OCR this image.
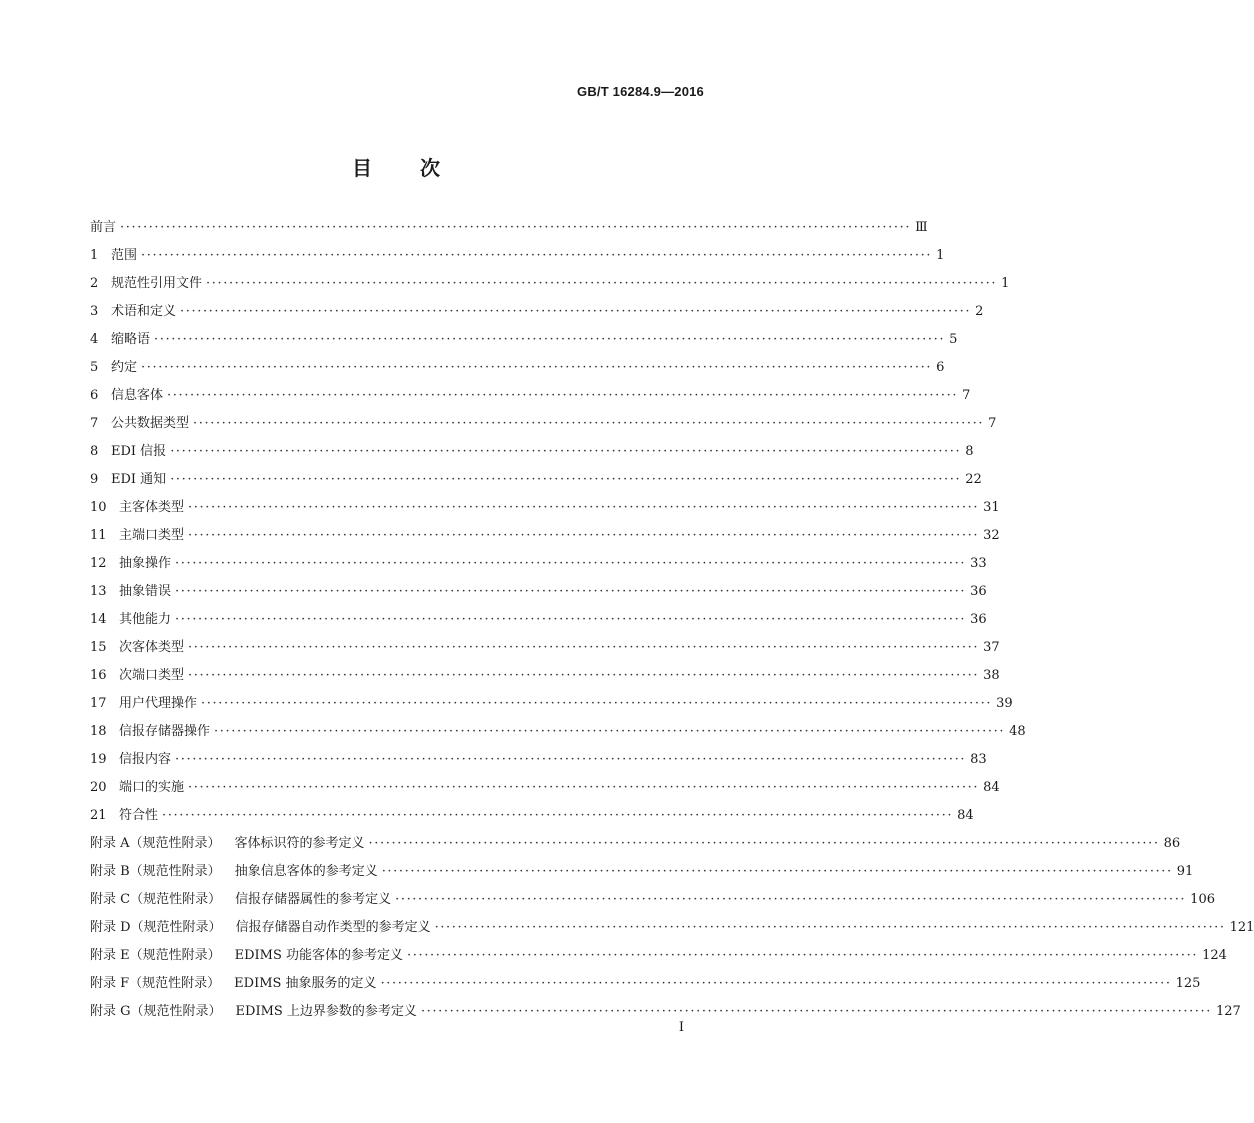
GB/T 16284.9—2016
目 次
前言 ·········································································································································· Ⅲ
1 范围 ·········································································································································· 1
2 规范性引用文件 ·········································································································································· 1
3 术语和定义 ·········································································································································· 2
4 缩略语 ·········································································································································· 5
5 约定 ·········································································································································· 6
6 信息客体 ·········································································································································· 7
7 公共数据类型 ·········································································································································· 7
8 EDI 信报 ·········································································································································· 8
9 EDI 通知 ·········································································································································· 22
10 主客体类型 ·········································································································································· 31
11 主端口类型 ·········································································································································· 32
12 抽象操作 ·········································································································································· 33
13 抽象错误 ·········································································································································· 36
14 其他能力 ·········································································································································· 36
15 次客体类型 ·········································································································································· 37
16 次端口类型 ·········································································································································· 38
17 用户代理操作 ·········································································································································· 39
18 信报存储器操作 ·········································································································································· 48
19 信报内容 ·········································································································································· 83
20 端口的实施 ·········································································································································· 84
21 符合性 ·········································································································································· 84
附录 A（规范性附录） 客体标识符的参考定义 ·········································································································································· 86
附录 B（规范性附录） 抽象信息客体的参考定义 ·········································································································································· 91
附录 C（规范性附录） 信报存储器属性的参考定义 ·········································································································································· 106
附录 D（规范性附录） 信报存储器自动作类型的参考定义 ·········································································································································· 121
附录 E（规范性附录） EDIMS 功能客体的参考定义 ·········································································································································· 124
附录 F（规范性附录） EDIMS 抽象服务的定义 ·········································································································································· 125
附录 G（规范性附录） EDIMS 上边界参数的参考定义 ·········································································································································· 127
I
